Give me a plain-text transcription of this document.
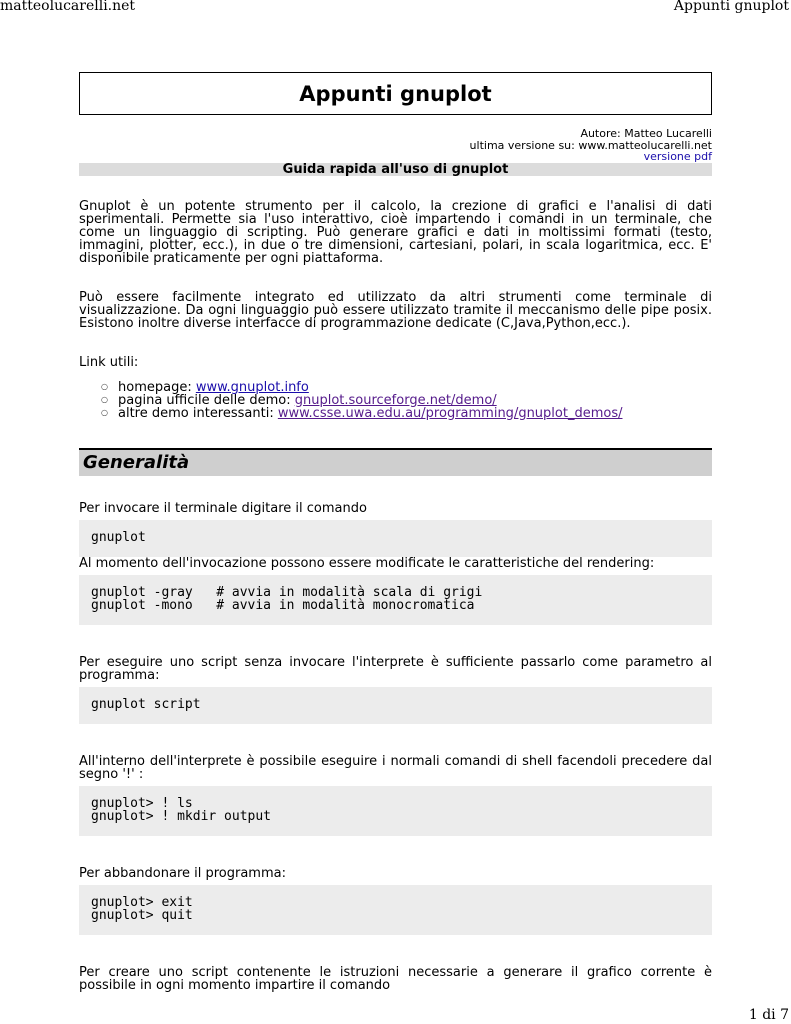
matteolucarelli.net	Appunti gnuplot
Appunti gnuplot
Autore: Matteo Lucarelli
ultima versione su: www.matteolucarelli.net
versione pdf
Guida rapida all'uso di gnuplot

Gnuplot è un potente strumento per il calcolo, la crezione di grafici e l'analisi di dati sperimentali. Permette sia l'uso interattivo, cioè impartendo i comandi in un terminale, che come un linguaggio di scripting. Può generare grafici e dati in moltissimi formati (testo, immagini, plotter, ecc.), in due o tre dimensioni, cartesiani, polari, in scala logaritmica, ecc. E' disponibile praticamente per ogni piattaforma.

Può essere facilmente integrato ed utilizzato da altri strumenti come terminale di visualizzazione. Da ogni linguaggio può essere utilizzato tramite il meccanismo delle pipe posix. Esistono inoltre diverse interfacce di programmazione dedicate (C,Java,Python,ecc.).

Link utili:

○ homepage: www.gnuplot.info
○ pagina ufficile delle demo: gnuplot.sourceforge.net/demo/
○ altre demo interessanti: www.csse.uwa.edu.au/programming/gnuplot_demos/
Generalità

Per invocare il terminale digitare il comando

gnuplot

Al momento dell'invocazione possono essere modificate le caratteristiche del rendering:

gnuplot -gray   # avvia in modalità scala di grigi
gnuplot -mono   # avvia in modalità monocromatica

Per eseguire uno script senza invocare l'interprete è sufficiente passarlo come parametro al programma:

gnuplot script

All'interno dell'interprete è possibile eseguire i normali comandi di shell facendoli precedere dal segno '!' :

gnuplot> ! ls
gnuplot> ! mkdir output

Per abbandonare il programma:

gnuplot> exit
gnuplot> quit

Per creare uno script contenente le istruzioni necessarie a generare il grafico corrente è possibile in ogni momento impartire il comando

1 di 7
